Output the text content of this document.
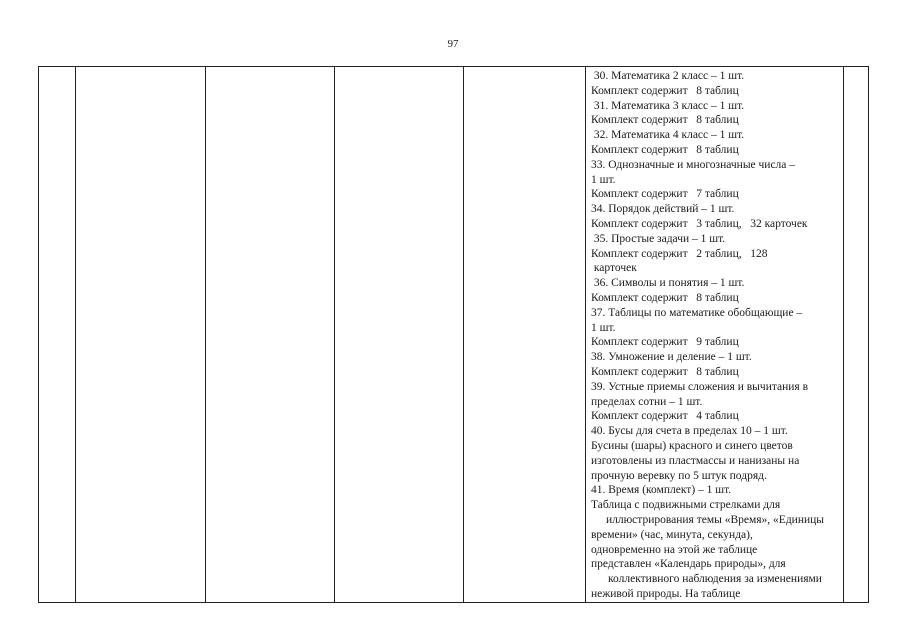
97

30. Математика 2 класс – 1 шт.
Комплект содержит   8 таблиц
31. Математика 3 класс – 1 шт.
Комплект содержит   8 таблиц
32. Математика 4 класс – 1 шт.
Комплект содержит   8 таблиц
33. Однозначные и многозначные числа –
1 шт.
Комплект содержит   7 таблиц
34. Порядок действий – 1 шт.
Комплект содержит   3 таблиц,   32 карточек
35. Простые задачи – 1 шт.
Комплект содержит   2 таблиц,   128
карточек
36. Символы и понятия – 1 шт.
Комплект содержит   8 таблиц
37. Таблицы по математике обобщающие –
1 шт.
Комплект содержит   9 таблиц
38. Умножение и деление – 1 шт.
Комплект содержит   8 таблиц
39. Устные приемы сложения и вычитания в
пределах сотни – 1 шт.
Комплект содержит   4 таблиц
40. Бусы для счета в пределах 10 – 1 шт.
Бусины (шары) красного и синего цветов
изготовлены из пластмассы и нанизаны на
прочную веревку по 5 штук подряд.
41. Время (комплект) – 1 шт.
Таблица с подвижными стрелками для
иллюстрирования темы «Время», «Единицы
времени» (час, минута, секунда),
одновременно на этой же таблице
представлен «Календарь природы», для
коллективного наблюдения за изменениями
неживой природы. На таблице
